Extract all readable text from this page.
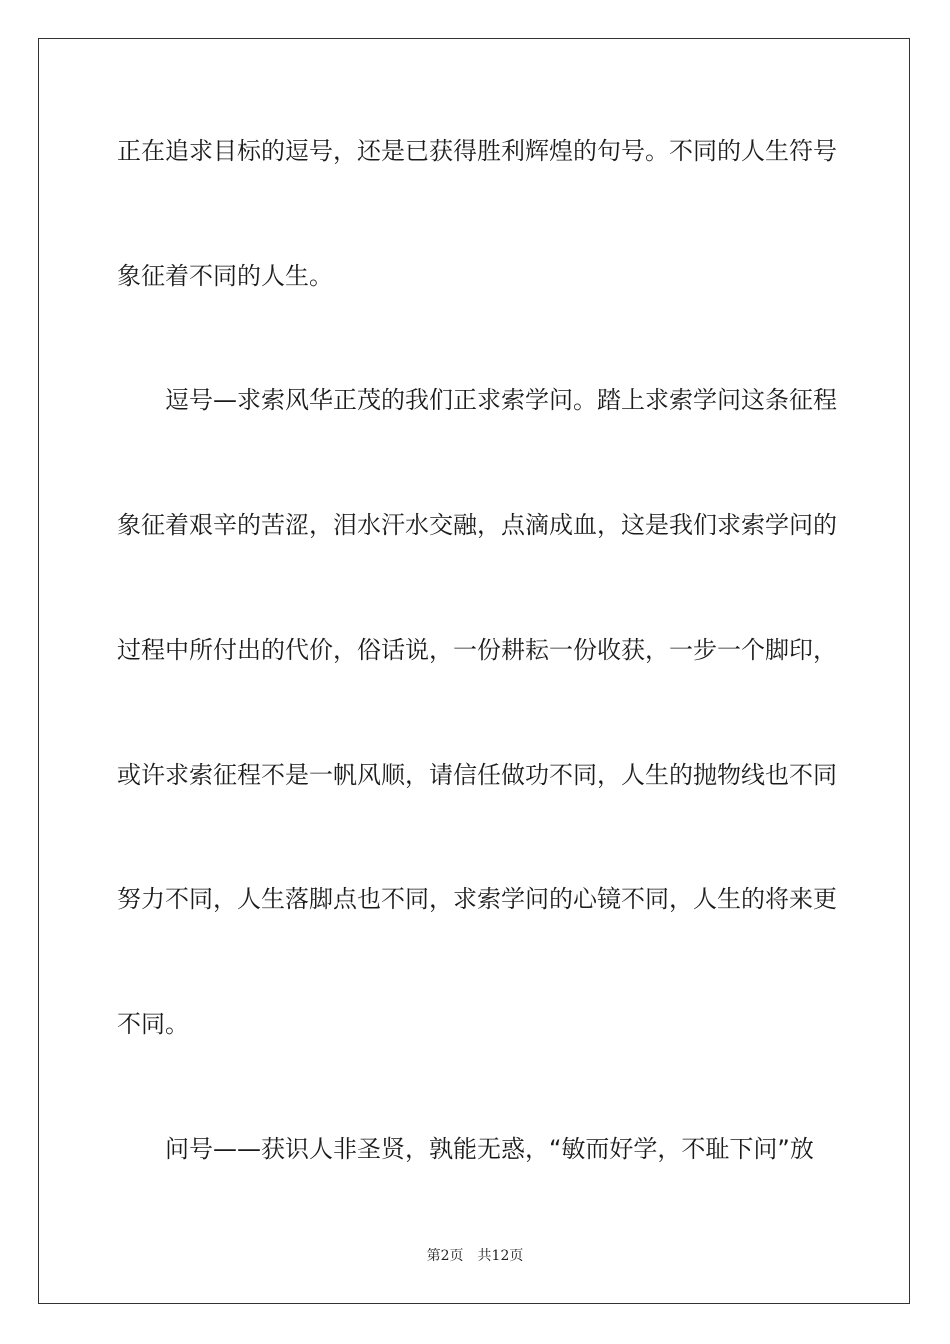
正在追求目标的逗号，还是已获得胜利辉煌的句号。不同的人生符号
象征着不同的人生。
　　逗号—求索风华正茂的我们正求索学问。踏上求索学问这条征程
象征着艰辛的苦涩，泪水汗水交融，点滴成血，这是我们求索学问的
过程中所付出的代价，俗话说，一份耕耘一份收获，一步一个脚印，
或许求索征程不是一帆风顺，请信任做功不同，人生的抛物线也不同
努力不同，人生落脚点也不同，求索学问的心镜不同，人生的将来更
不同。
　　问号——获识人非圣贤，孰能无惑，“敏而好学，不耻下问”放
第2页 共12页
